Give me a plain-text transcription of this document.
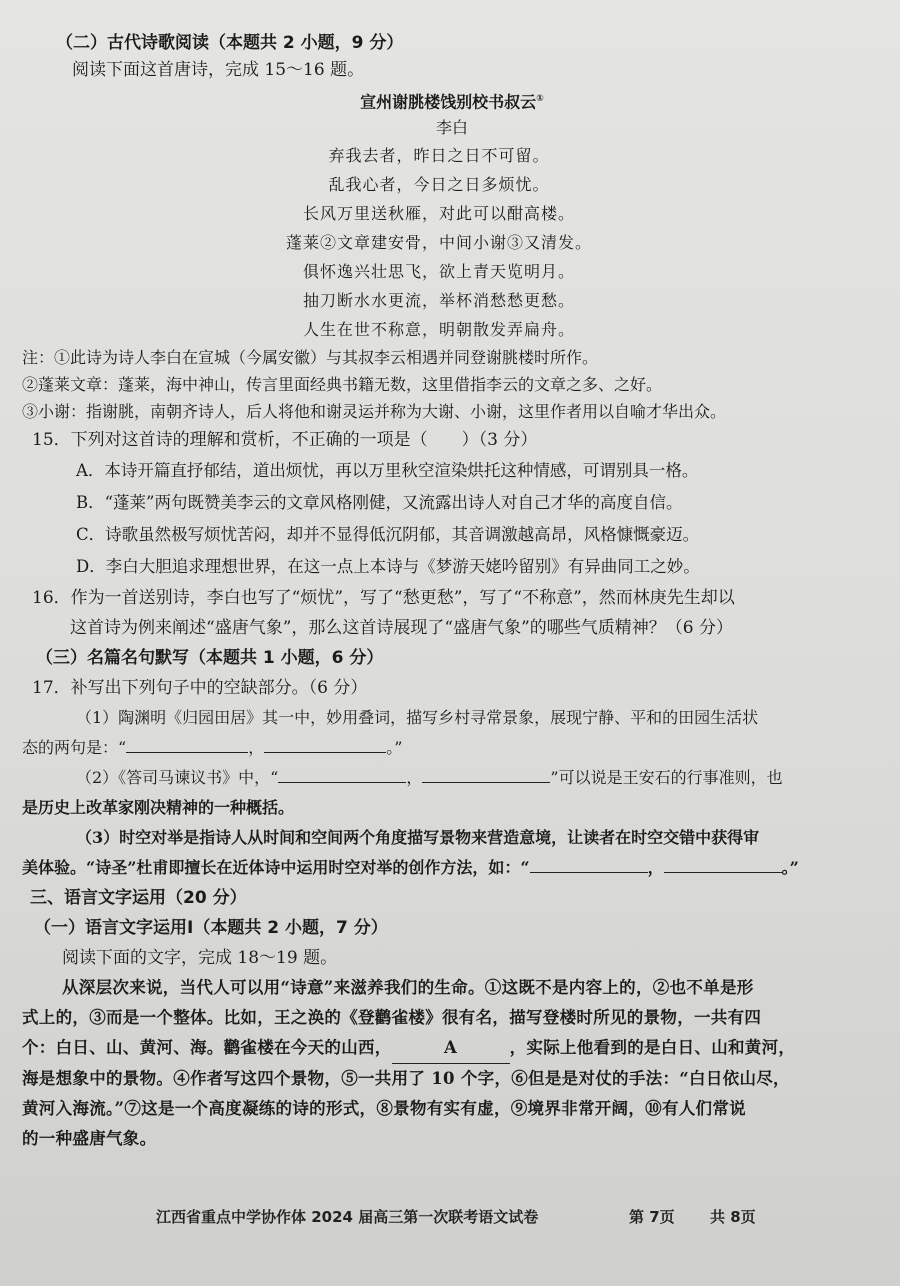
（二）古代诗歌阅读（本题共 2 小题，9 分）

阅读下面这首唐诗，完成 15～16 题。

宣州谢朓楼饯别校书叔云①
李白
弃我去者，昨日之日不可留。
乱我心者，今日之日多烦忧。
长风万里送秋雁，对此可以酣高楼。
蓬莱②文章建安骨，中间小谢③又清发。
俱怀逸兴壮思飞，欲上青天览明月。
抽刀断水水更流，举杯消愁愁更愁。
人生在世不称意，明朝散发弄扁舟。
注：①此诗为诗人李白在宣城（今属安徽）与其叔李云相遇并同登谢朓楼时所作。
②蓬莱文章：蓬莱，海中神山，传言里面经典书籍无数，这里借指李云的文章之多、之好。
③小谢：指谢朓，南朝齐诗人，后人将他和谢灵运并称为大谢、小谢，这里作者用以自喻才华出众。
15．下列对这首诗的理解和赏析，不正确的一项是（　　）（3 分）
A．本诗开篇直抒郁结，道出烦忧，再以万里秋空渲染烘托这种情感，可谓别具一格。
B．“蓬莱”两句既赞美李云的文章风格刚健，又流露出诗人对自己才华的高度自信。
C．诗歌虽然极写烦忧苦闷，却并不显得低沉阴郁，其音调激越高昂，风格慷慨豪迈。
D．李白大胆追求理想世界，在这一点上本诗与《梦游天姥吟留别》有异曲同工之妙。
16．作为一首送别诗，李白也写了“烦忧”，写了“愁更愁”，写了“不称意”，然而林庚先生却以
这首诗为例来阐述“盛唐气象”，那么这首诗展现了“盛唐气象”的哪些气质精神？（6 分）
（三）名篇名句默写（本题共 1 小题，6 分）
17．补写出下列句子中的空缺部分。（6 分）
（1）陶渊明《归园田居》其一中，妙用叠词，描写乡村寻常景象，展现宁静、平和的田园生活状
态的两句是：“	，	。”
（2）《答司马谏议书》中，“	，	”可以说是王安石的行事准则，也
是历史上改革家刚决精神的一种概括。
（3）时空对举是指诗人从时间和空间两个角度描写景物来营造意境，让读者在时空交错中获得审
美体验。“诗圣”杜甫即擅长在近体诗中运用时空对举的创作方法，如：“	，	。”
三、语言文字运用（20 分）
（一）语言文字运用Ⅰ（本题共 2 小题，7 分）
阅读下面的文字，完成 18～19 题。
从深层次来说，当代人可以用“诗意”来滋养我们的生命。①这既不是内容上的，②也不单是形
式上的，③而是一个整体。比如，王之涣的《登鹳雀楼》很有名，描写登楼时所见的景物，一共有四
个：白日、山、黄河、海。鹳雀楼在今天的山西，	A	，实际上他看到的是白日、山和黄河，
海是想象中的景物。④作者写这四个景物，⑤一共用了 10 个字，⑥但是是对仗的手法：“白日依山尽，
黄河入海流。”⑦这是一个高度凝练的诗的形式，⑧景物有实有虚，⑨境界非常开阔，⑩有人们常说
的一种盛唐气象。
江西省重点中学协作体 2024 届高三第一次联考语文试卷	第 7页 共 8页
